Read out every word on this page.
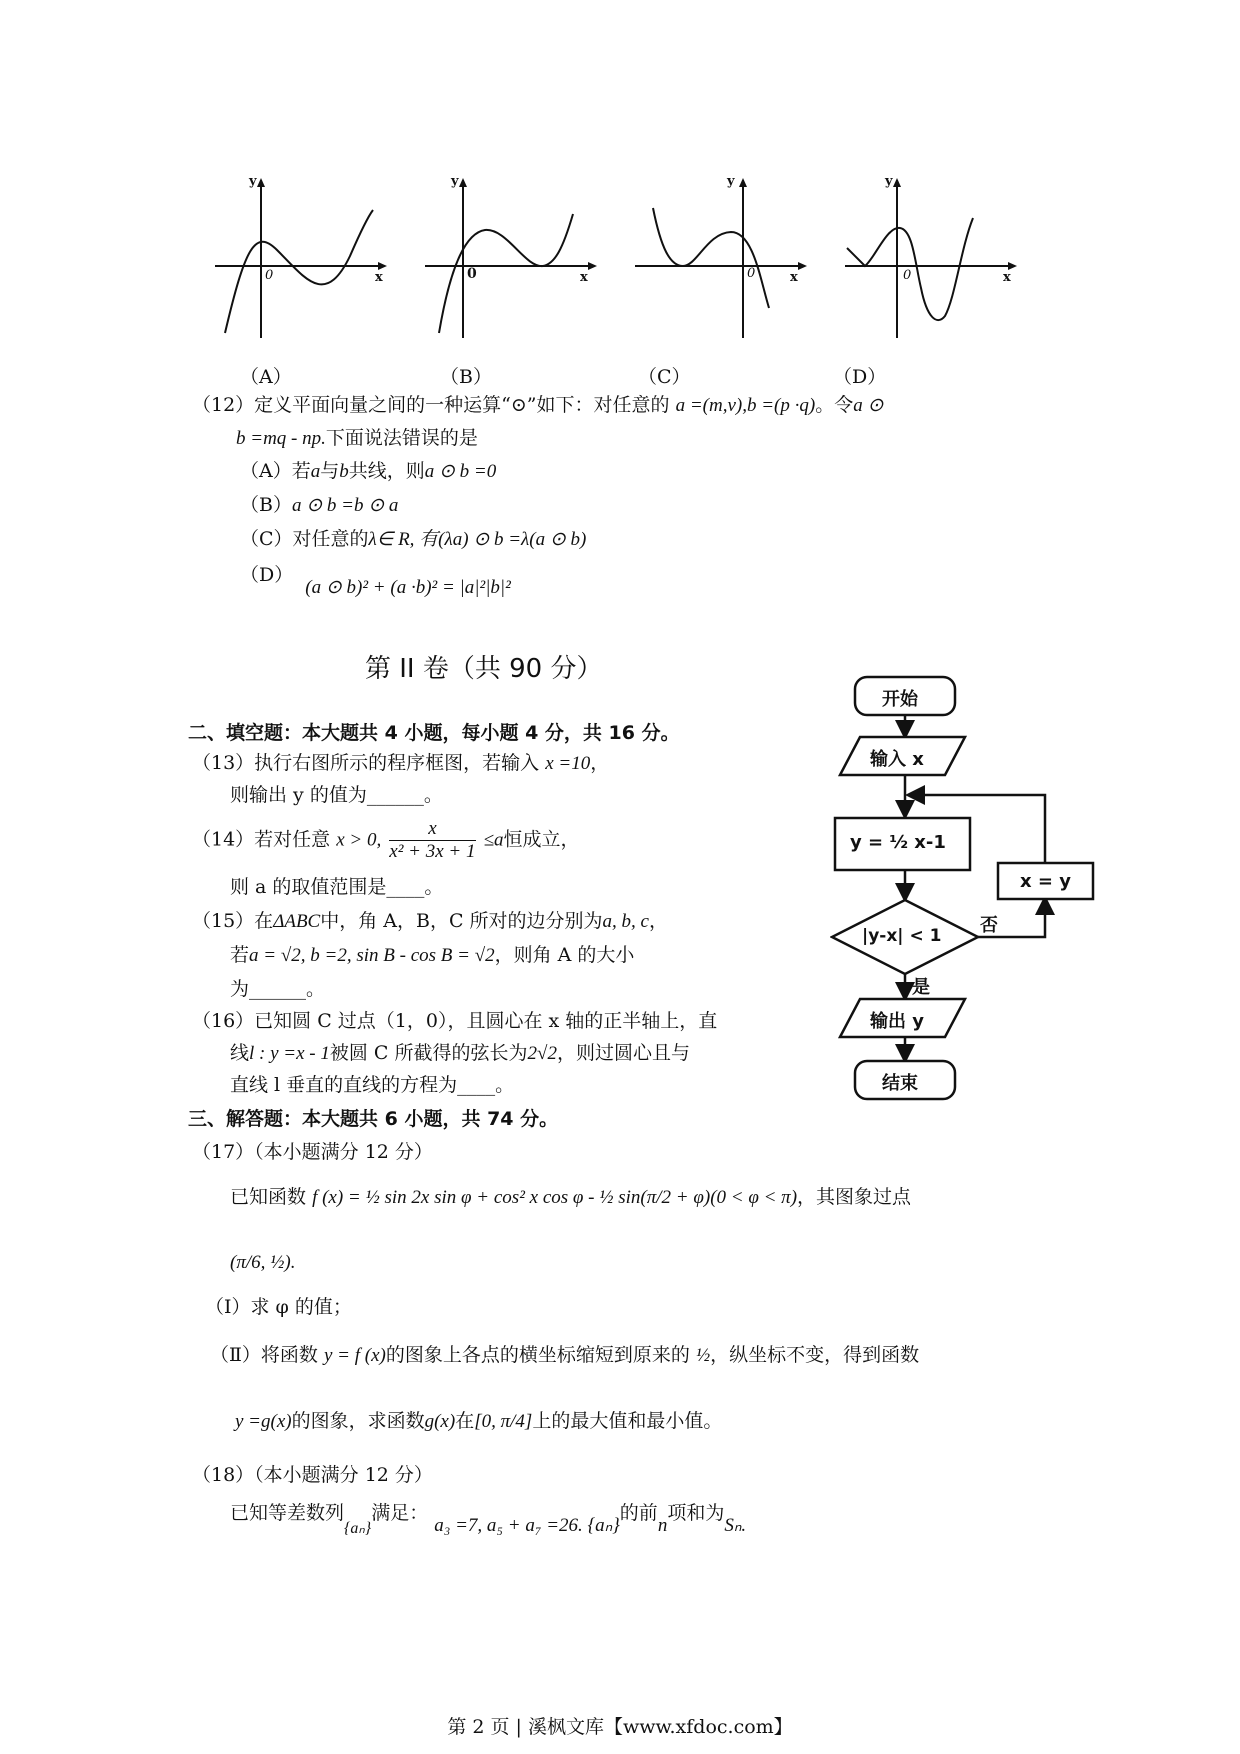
y
x
0
y
x
0
y
x
0
y
x
0
（A）	（B）	（C）	（D）
（12）定义平面向量之间的一种运算“⊙”如下：对任意的 a =(m,v),b =(p ·q)。令a ⊙
b =mq - np.下面说法错误的是
（A）若a与b共线，则a ⊙ b =0
（B）a ⊙ b =b ⊙ a
（C）对任意的λ∈ R, 有(λa) ⊙ b =λ(a ⊙ b)
（D） (a ⊙ b)² + (a ·b)² = |a|²|b|²
第 II 卷（共 90 分）
二、填空题：本大题共 4 小题，每小题 4 分，共 16 分。
（13）执行右图所示的程序框图，若输入 x =10，
则输出 y 的值为______。
（14）若对任意 x > 0, $\frac{x}{\text{x² + 3x + 1}} \le a$恒成立，
则 a 的取值范围是____。
（15）在ΔABC中，角 A，B，C 所对的边分别为a, b, c，
若a = √2, b =2, sin B - cos B = √2，则角 A 的大小
为______。
（16）已知圆 C 过点（1，0），且圆心在 x 轴的正半轴上，直
线l : y =x - 1被圆 C 所截得的弦长为2√2，则过圆心且与
直线 l 垂直的直线的方程为____。
开始
输入 x
y = ½ x-1
|y-x| < 1
x = y
否
是
输出 y
结束
三、解答题：本大题共 6 小题，共 74 分。
（17）（本小题满分 12 分）
已知函数 f (x) = ½ sin 2x sin φ + cos² x cos φ - ½ sin(π/2 + φ)(0 < φ < π)，其图象过点
(π/6, ½).
（Ⅰ）求 φ 的值；
（Ⅱ）将函数 y = f (x)的图象上各点的横坐标缩短到原来的 ½，纵坐标不变，得到函数
y =g(x)的图象，求函数g(x)在[0, π/4]上的最大值和最小值。
（18）（本小题满分 12 分）
已知等差数列$_{\{a_n\}}$满足： a₃ =7, a₅ + a₇ =26. {aₙ}的前n项和为Sₙ.
第 2 页 | 溪枫文库【www.xfdoc.com】
